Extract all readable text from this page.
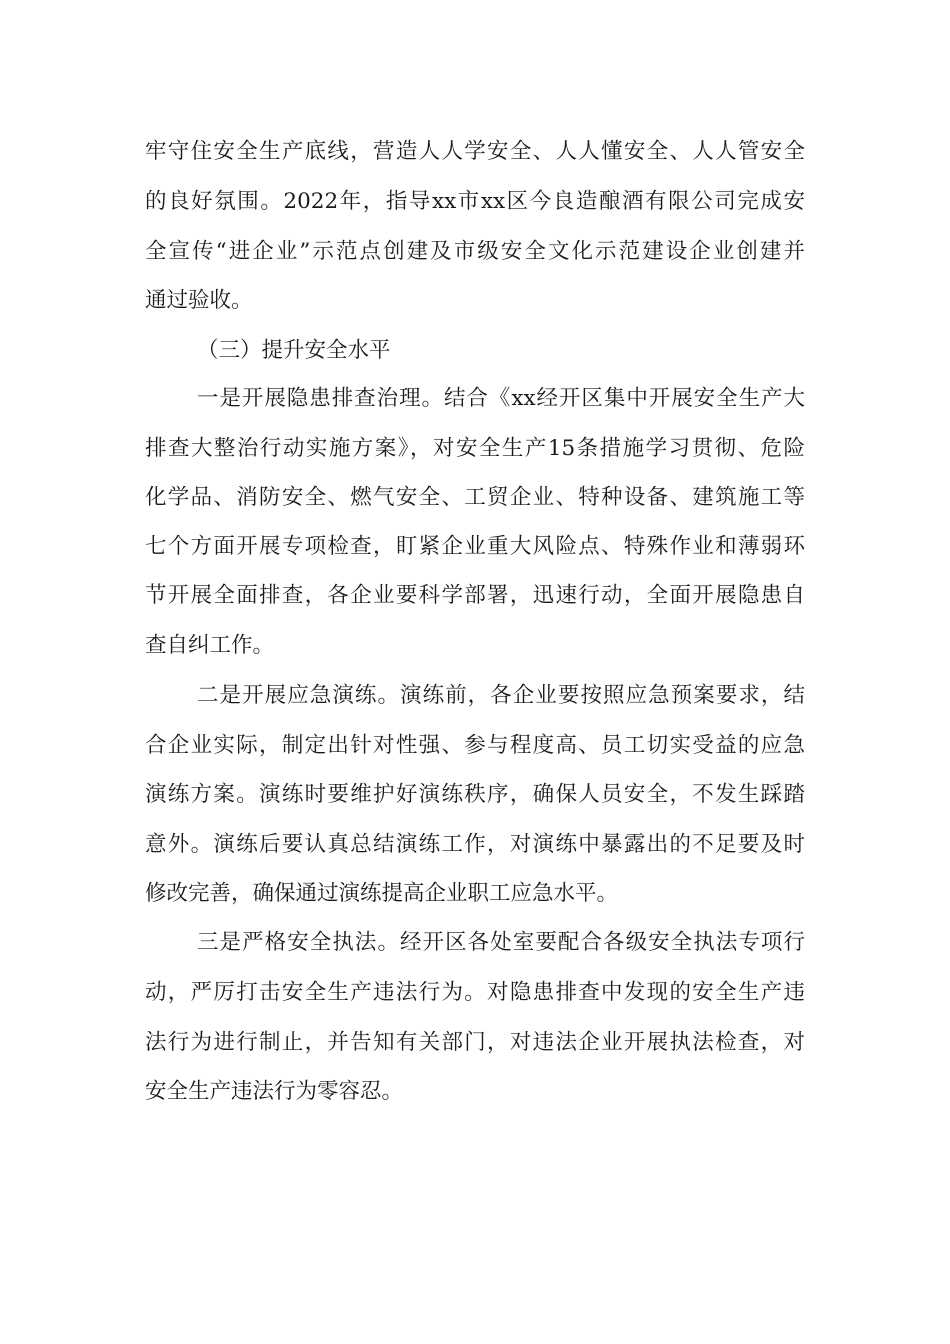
牢守住安全生产底线，营造人人学安全、人人懂安全、人人管安全
的良好氛围。2022年，指导xx市xx区今良造酿酒有限公司完成安
全宣传“进企业”示范点创建及市级安全文化示范建设企业创建并
通过验收。
（三）提升安全水平
一是开展隐患排查治理。结合《xx经开区集中开展安全生产大
排查大整治行动实施方案》，对安全生产15条措施学习贯彻、危险
化学品、消防安全、燃气安全、工贸企业、特种设备、建筑施工等
七个方面开展专项检查，盯紧企业重大风险点、特殊作业和薄弱环
节开展全面排查，各企业要科学部署，迅速行动，全面开展隐患自
查自纠工作。
二是开展应急演练。演练前，各企业要按照应急预案要求，结
合企业实际，制定出针对性强、参与程度高、员工切实受益的应急
演练方案。演练时要维护好演练秩序，确保人员安全，不发生踩踏
意外。演练后要认真总结演练工作，对演练中暴露出的不足要及时
修改完善，确保通过演练提高企业职工应急水平。
三是严格安全执法。经开区各处室要配合各级安全执法专项行
动，严厉打击安全生产违法行为。对隐患排查中发现的安全生产违
法行为进行制止，并告知有关部门，对违法企业开展执法检查，对
安全生产违法行为零容忍。
